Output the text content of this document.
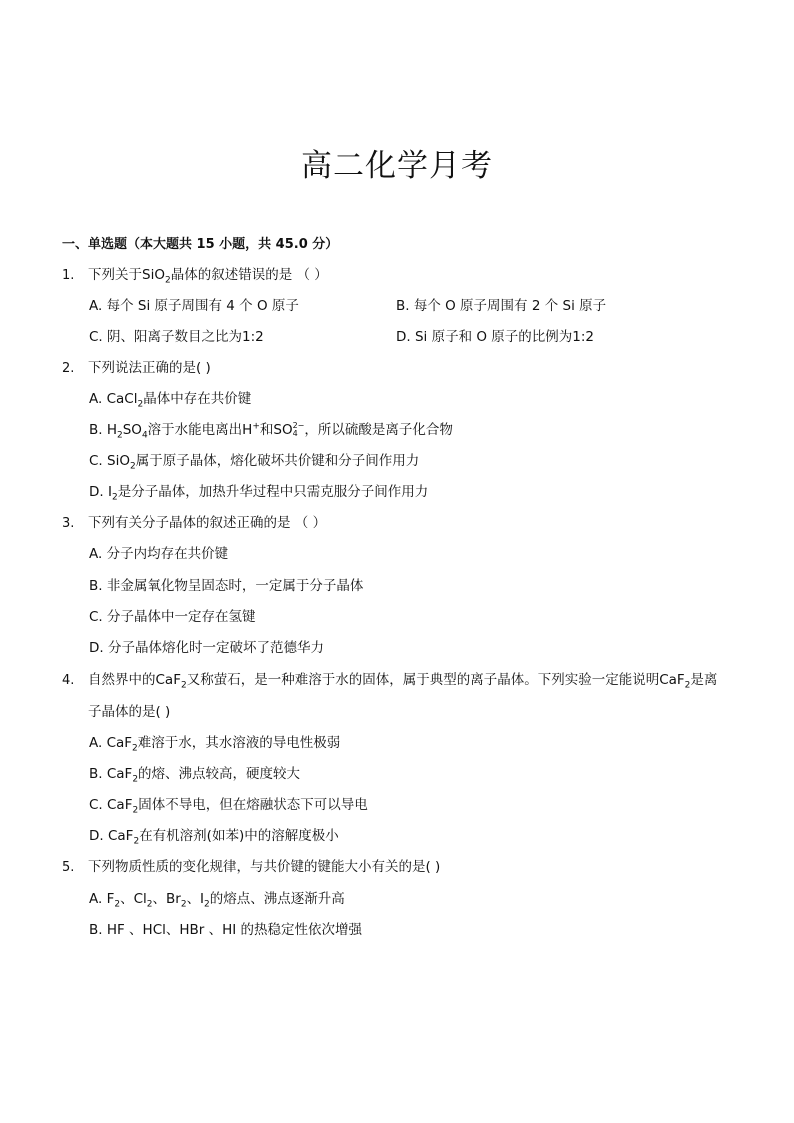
高二化学月考
一、单选题（本大题共 15 小题，共 45.0 分）
1. 下列关于SiO$_2$晶体的叙述错误的是 （ ）
A. 每个 Si 原子周围有 4 个 O 原子	B. 每个 O 原子周围有 2 个 Si 原子
C. 阴、阳离子数目之比为1:2	D. Si 原子和 O 原子的比例为1:2
2. 下列说法正确的是( )
A. CaCl$_2$晶体中存在共价键
B. $H_2SO_4$溶于水能电离出H+和SO 2−
4 ，所以硫酸是离子化合物
C. SiO$_2$属于原子晶体，熔化破坏共价键和分子间作用力
D. $I_2$是分子晶体，加热升华过程中只需克服分子间作用力
3. 下列有关分子晶体的叙述正确的是 （ ）
A. 分子内均存在共价键
B. 非金属氧化物呈固态时，一定属于分子晶体
C. 分子晶体中一定存在氢键
D. 分子晶体熔化时一定破坏了范德华力
4. 自然界中的CaF$_2$又称萤石，是一种难溶于水的固体，属于典型的离子晶体。下列实验一定能说明CaF$_2$是离
子晶体的是( )
A. CaF$_2$难溶于水，其水溶液的导电性极弱
B. CaF$_2$的熔、沸点较高，硬度较大
C. CaF$_2$固体不导电，但在熔融状态下可以导电
D. CaF$_2$在有机溶剂(如苯)中的溶解度极小
5. 下列物质性质的变化规律，与共价键的键能大小有关的是( )
A. $F_2$、$Cl_2$、$Br_2$、$I_2$的熔点、沸点逐渐升高
B. HF 、HCl、HBr 、HI 的热稳定性依次增强
